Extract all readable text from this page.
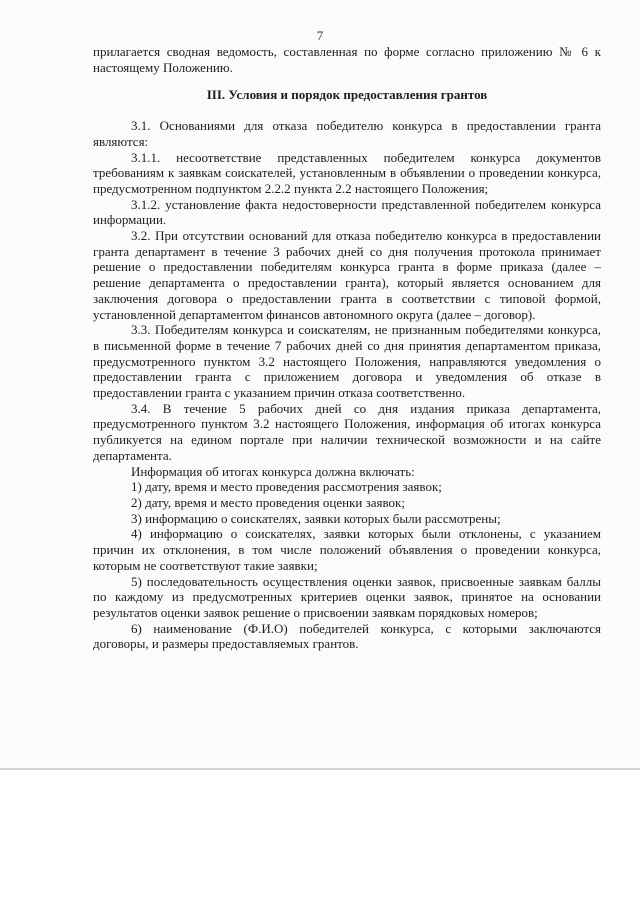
7

прилагается сводная ведомость, составленная по форме согласно приложению № 6 к настоящему Положению.

III. Условия и порядок предоставления грантов

3.1. Основаниями для отказа победителю конкурса в предоставлении гранта являются:

3.1.1. несоответствие представленных победителем конкурса документов требованиям к заявкам соискателей, установленным в объявлении о проведении конкурса, предусмотренном подпунктом 2.2.2 пункта 2.2 настоящего Положения;

3.1.2. установление факта недостоверности представленной победителем конкурса информации.

3.2. При отсутствии оснований для отказа победителю конкурса в предоставлении гранта департамент в течение 3 рабочих дней со дня получения протокола принимает решение о предоставлении победителям конкурса гранта в форме приказа (далее – решение департамента о предоставлении гранта), который является основанием для заключения договора о предоставлении гранта в соответствии с типовой формой, установленной департаментом финансов автономного округа (далее – договор).

3.3. Победителям конкурса и соискателям, не признанным победителями конкурса, в письменной форме в течение 7 рабочих дней со дня принятия департаментом приказа, предусмотренного пунктом 3.2 настоящего Положения, направляются уведомления о предоставлении гранта с приложением договора и уведомления об отказе в предоставлении гранта с указанием причин отказа соответственно.

3.4. В течение 5 рабочих дней со дня издания приказа департамента, предусмотренного пунктом 3.2 настоящего Положения, информация об итогах конкурса публикуется на едином портале при наличии технической возможности и на сайте департамента.

Информация об итогах конкурса должна включать:

1) дату, время и место проведения рассмотрения заявок;

2) дату, время и место проведения оценки заявок;

3) информацию о соискателях, заявки которых были рассмотрены;

4) информацию о соискателях, заявки которых были отклонены, с указанием причин их отклонения, в том числе положений объявления о проведении конкурса, которым не соответствуют такие заявки;

5) последовательность осуществления оценки заявок, присвоенные заявкам баллы по каждому из предусмотренных критериев оценки заявок, принятое на основании результатов оценки заявок решение о присвоении заявкам порядковых номеров;

6) наименование (Ф.И.О) победителей конкурса, с которыми заключаются договоры, и размеры предоставляемых грантов.
